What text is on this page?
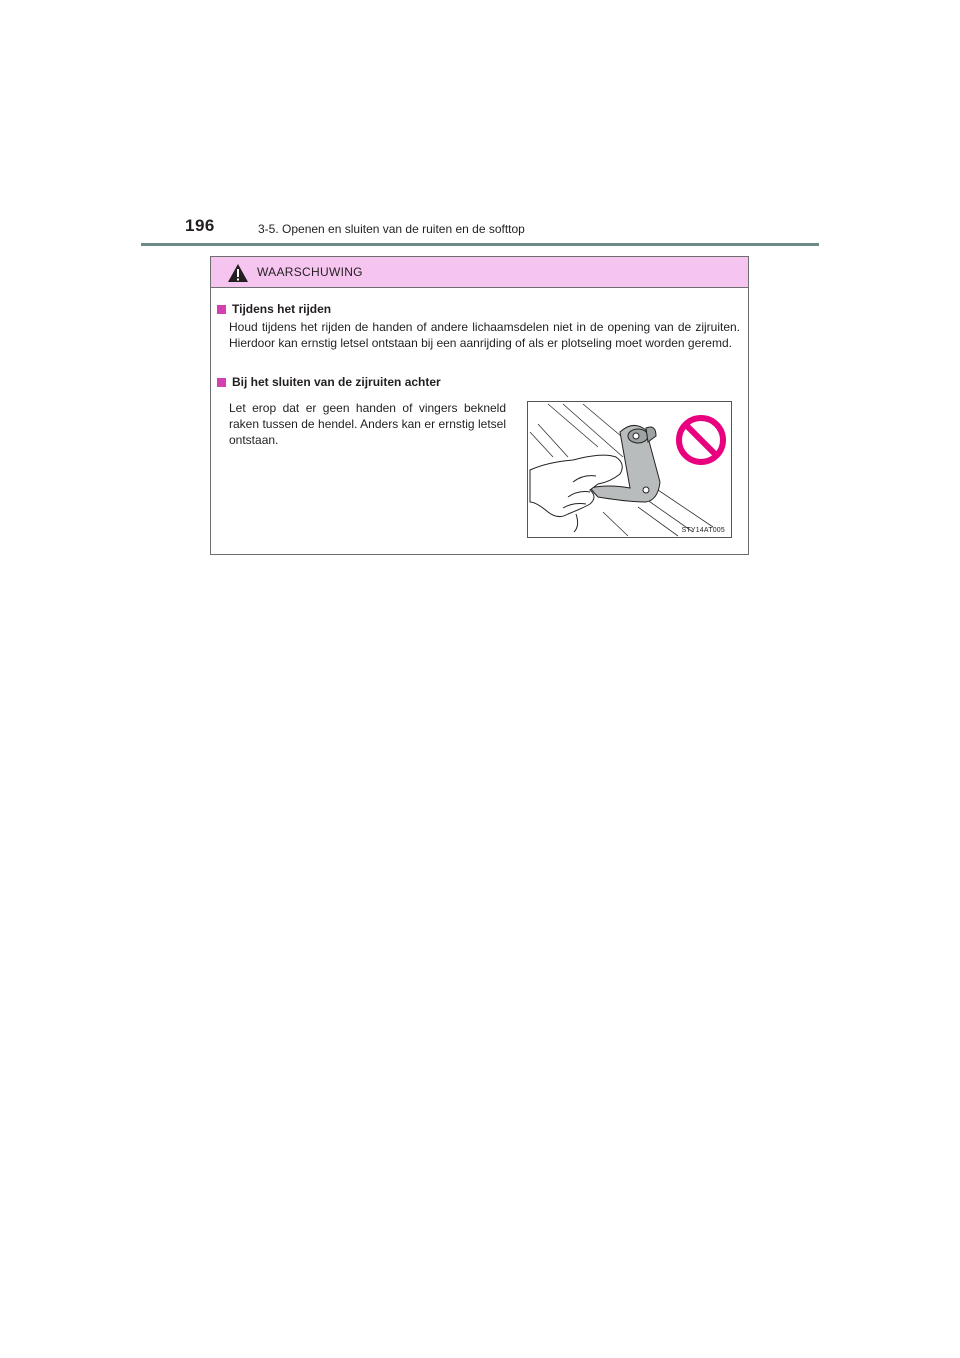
196	3-5. Openen en sluiten van de ruiten en de softtop
WAARSCHUWING
Tijdens het rijden
Houd tijdens het rijden de handen of andere lichaamsdelen niet in de opening van de zijruiten. Hierdoor kan ernstig letsel ontstaan bij een aanrijding of als er plotseling moet worden geremd.
Bij het sluiten van de zijruiten achter
Let erop dat er geen handen of vingers bekneld raken tussen de hendel. Anders kan er ernstig letsel ontstaan.
STY14AT005
